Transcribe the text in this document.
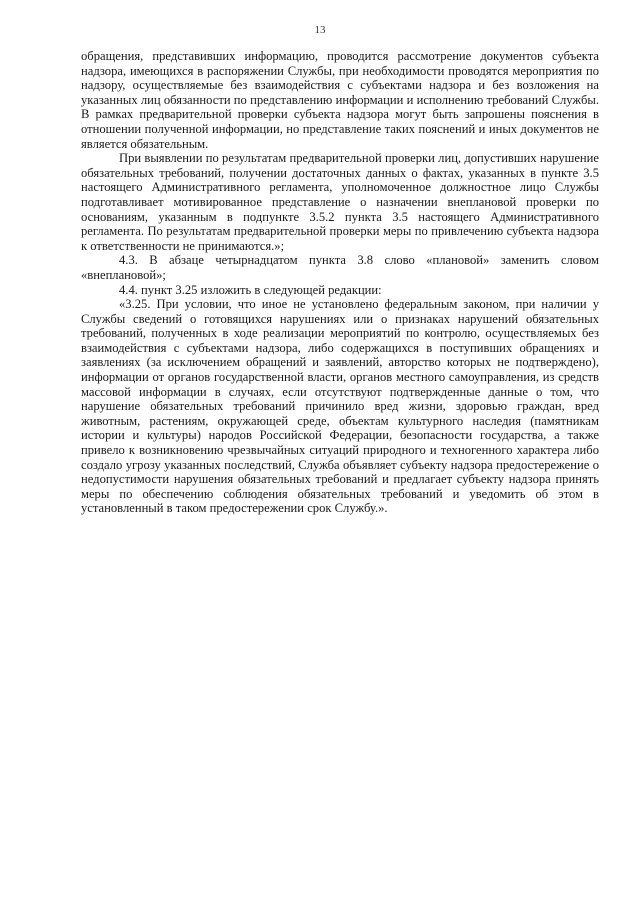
13

обращения, представивших информацию, проводится рассмотрение документов субъекта надзора, имеющихся в распоряжении Службы, при необходимости проводятся мероприятия по надзору, осуществляемые без взаимодействия с субъектами надзора и без возложения на указанных лиц обязанности по представлению информации и исполнению требований Службы. В рамках предварительной проверки субъекта надзора могут быть запрошены пояснения в отношении полученной информации, но представление таких пояснений и иных документов не является обязательным.

При выявлении по результатам предварительной проверки лиц, допустивших нарушение обязательных требований, получении достаточных данных о фактах, указанных в пункте 3.5 настоящего Административного регламента, уполномоченное должностное лицо Службы подготавливает мотивированное представление о назначении внеплановой проверки по основаниям, указанным в подпункте 3.5.2 пункта 3.5 настоящего Административного регламента. По результатам предварительной проверки меры по привлечению субъекта надзора к ответственности не принимаются.»;

4.3. В абзаце четырнадцатом пункта 3.8 слово «плановой» заменить словом «внеплановой»;

4.4. пункт 3.25 изложить в следующей редакции:

«3.25. При условии, что иное не установлено федеральным законом, при наличии у Службы сведений о готовящихся нарушениях или о признаках нарушений обязательных требований, полученных в ходе реализации мероприятий по контролю, осуществляемых без взаимодействия с субъектами надзора, либо содержащихся в поступивших обращениях и заявлениях (за исключением обращений и заявлений, авторство которых не подтверждено), информации от органов государственной власти, органов местного самоуправления, из средств массовой информации в случаях, если отсутствуют подтвержденные данные о том, что нарушение обязательных требований причинило вред жизни, здоровью граждан, вред животным, растениям, окружающей среде, объектам культурного наследия (памятникам истории и культуры) народов Российской Федерации, безопасности государства, а также привело к возникновению чрезвычайных ситуаций природного и техногенного характера либо создало угрозу указанных последствий, Служба объявляет субъекту надзора предостережение о недопустимости нарушения обязательных требований и предлагает субъекту надзора принять меры по обеспечению соблюдения обязательных требований и уведомить об этом в установленный в таком предостережении срок Службу.».
